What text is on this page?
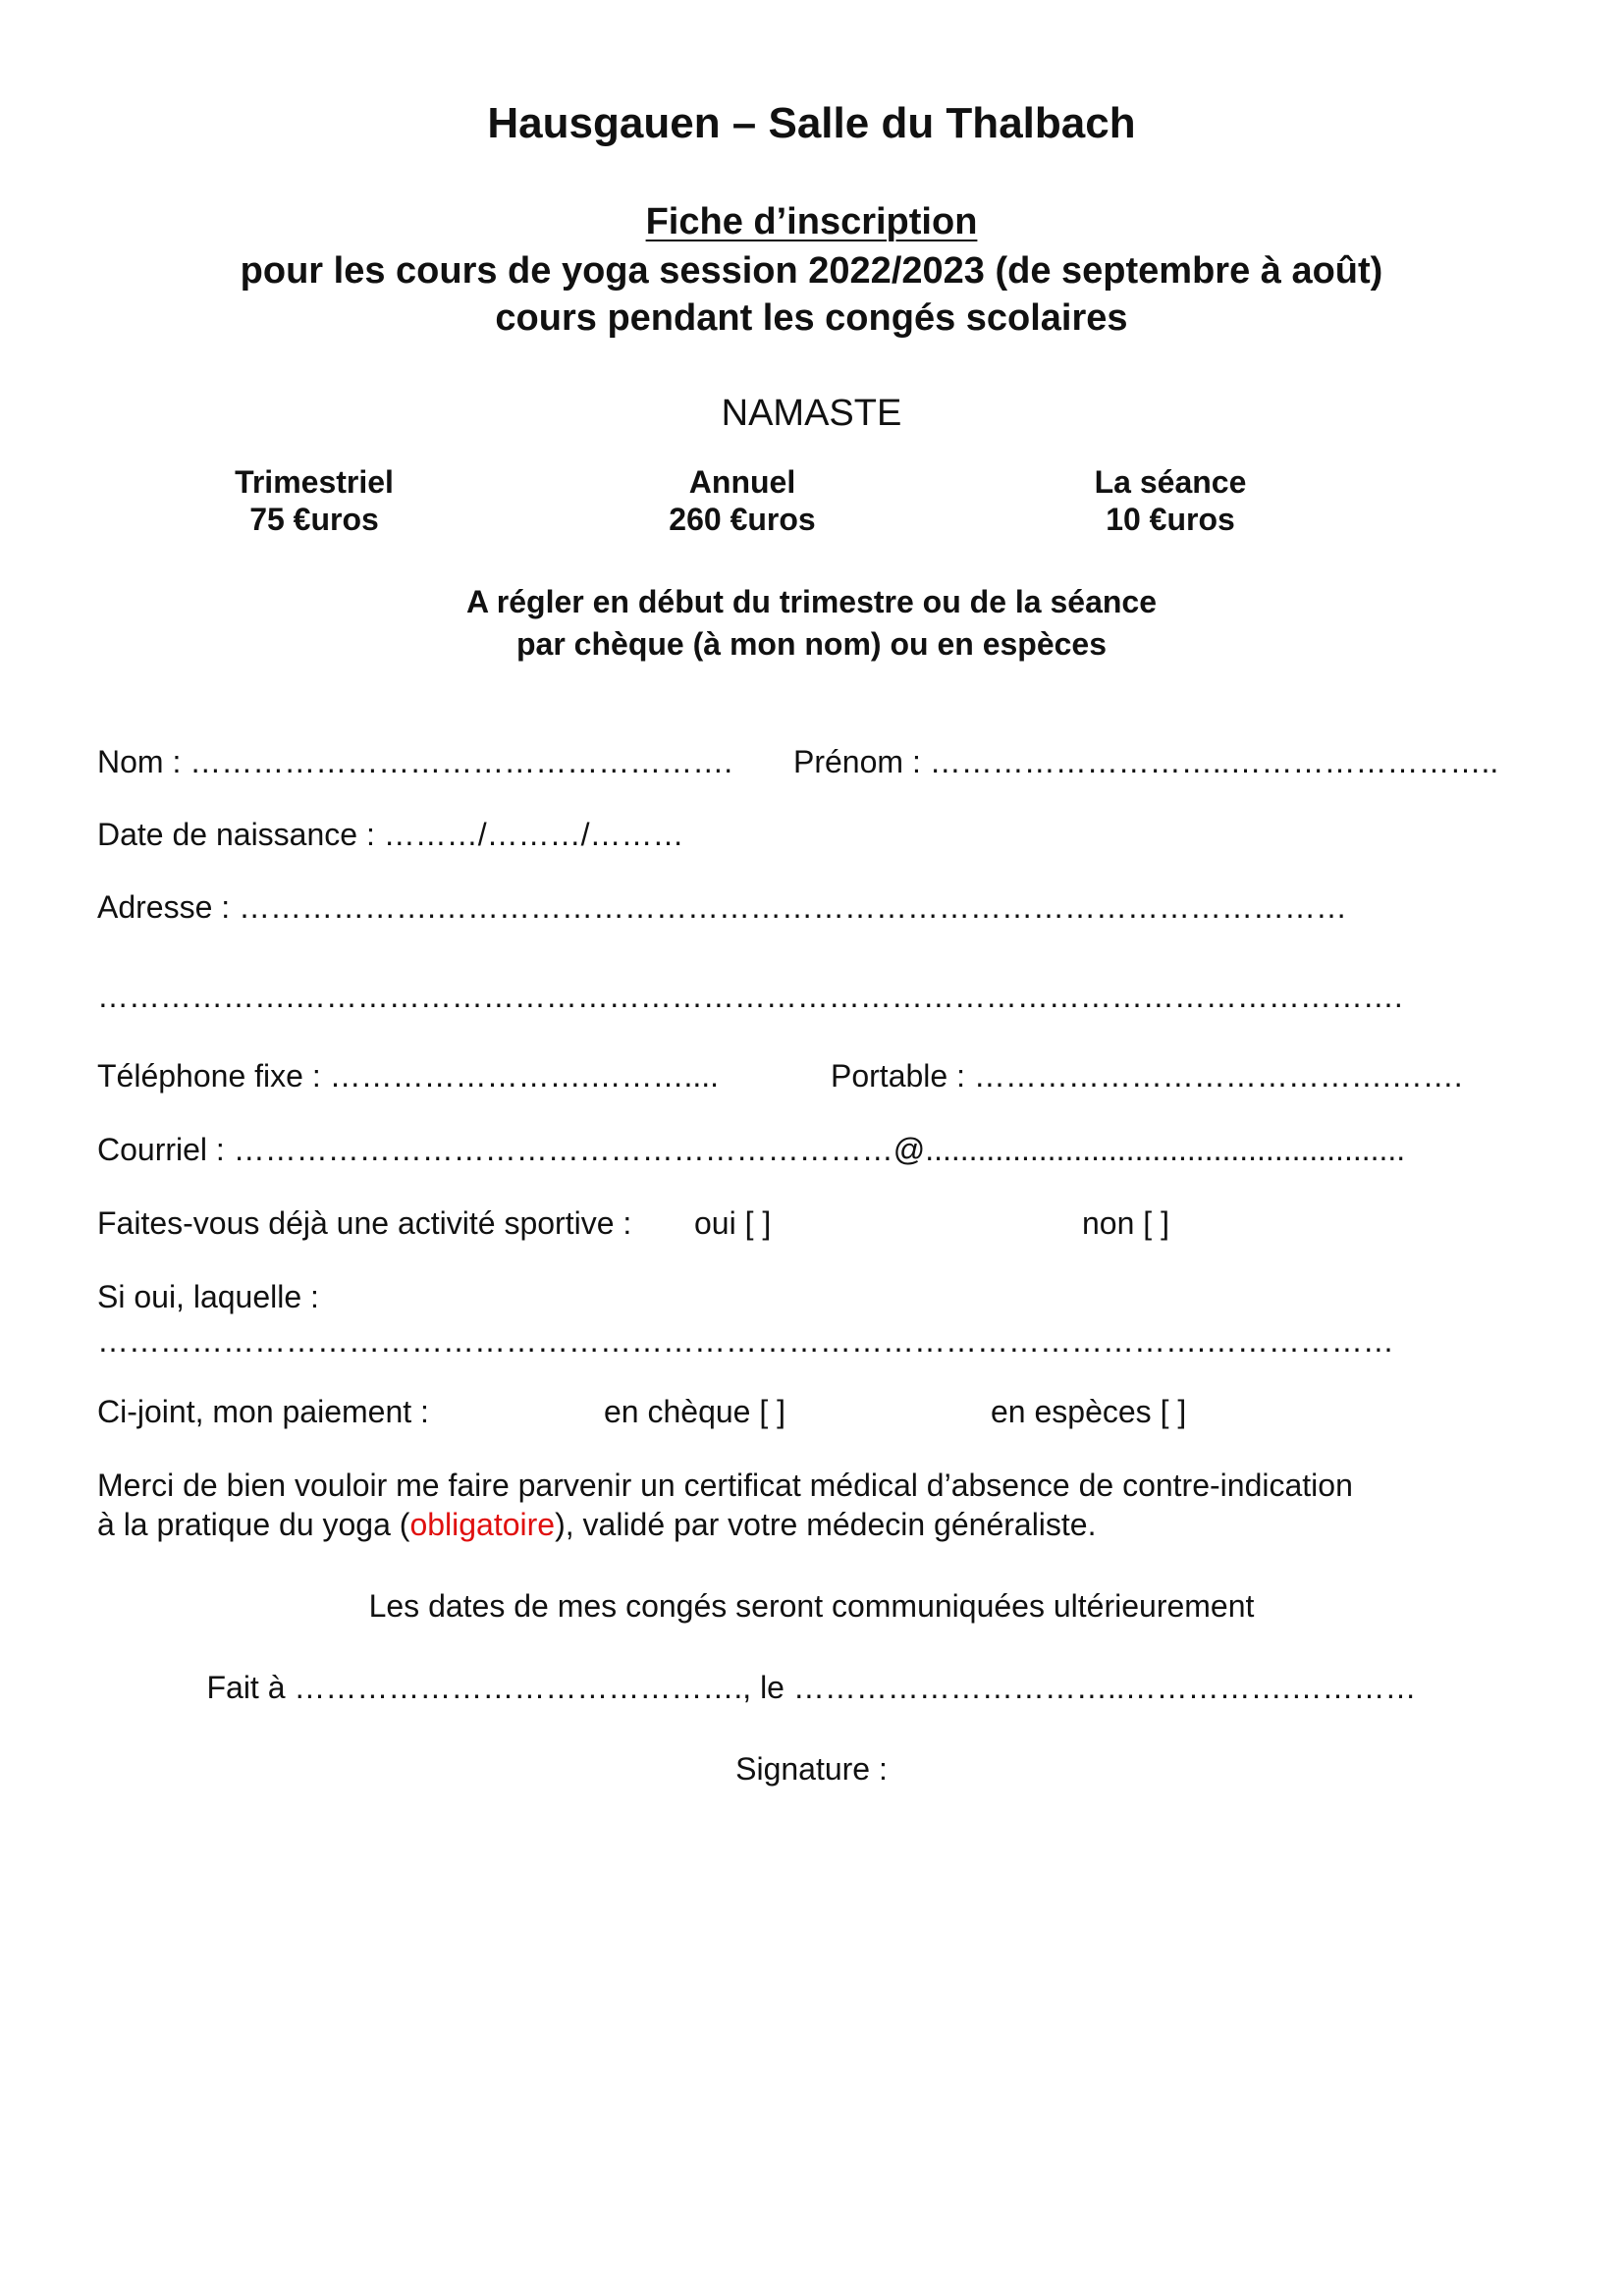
Hausgauen – Salle du Thalbach
Fiche d’inscription
pour les cours de yoga session 2022/2023 (de septembre à août)
cours pendant les congés scolaires
NAMASTE
Trimestriel
75 €uros
Annuel
260 €uros
La séance
10 €uros
A régler en début du trimestre ou de la séance
par chèque (à mon nom) ou en espèces
Nom : ……………………………………………. Prénom : ………………………..……………………..
Date de naissance : ………/………/………
Adresse : ……………….……………………………………………………………………………
……………….…………………………………………………………………………………………….
Téléphone fixe : …………………….………....	Portable : ………………………………….…….
Courriel : ………………………………………………………@.......................................................
Faites-vous déjà une activité sportive : oui [ ]	non [ ]
Si oui, laquelle :
…………………………………………………………………………………………….………………
Ci-joint, mon paiement :	en chèque [ ]	en espèces [ ]
Merci de bien vouloir me faire parvenir un certificat médical d’absence de contre-indication
à la pratique du yoga (obligatoire), validé par votre médecin généraliste.
Les dates de mes congés seront communiquées ultérieurement
Fait à ……………………………………., le …………………………..…………….…………
Signature :
